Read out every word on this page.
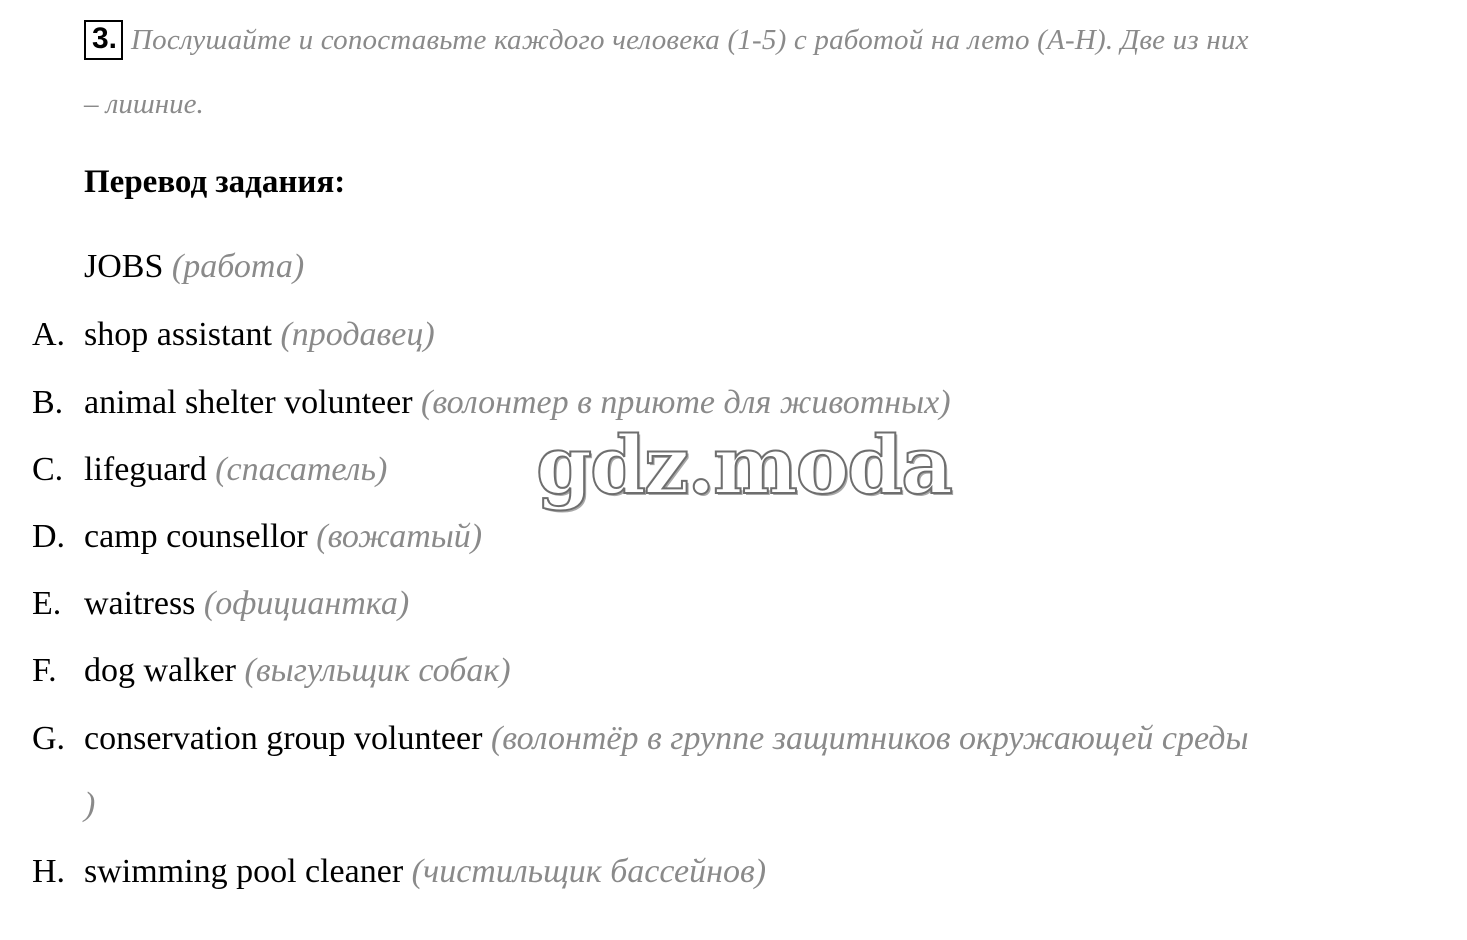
3. Послушайте и сопоставьте каждого человека (1-5) с работой на лето (A-H). Две из них
– лишние.
Перевод задания:
JOBS (работа)
A. shop assistant (продавец)
B. animal shelter volunteer (волонтер в приюте для животных)
C. lifeguard (спасатель)
D. camp counsellor (вожатый)
E. waitress (официантка)
F. dog walker (выгульщик собак)
G. conservation group volunteer (волонтёр в группе защитников окружающей среды
)
H. swimming pool cleaner (чистильщик бассейнов)
gdz.moda
